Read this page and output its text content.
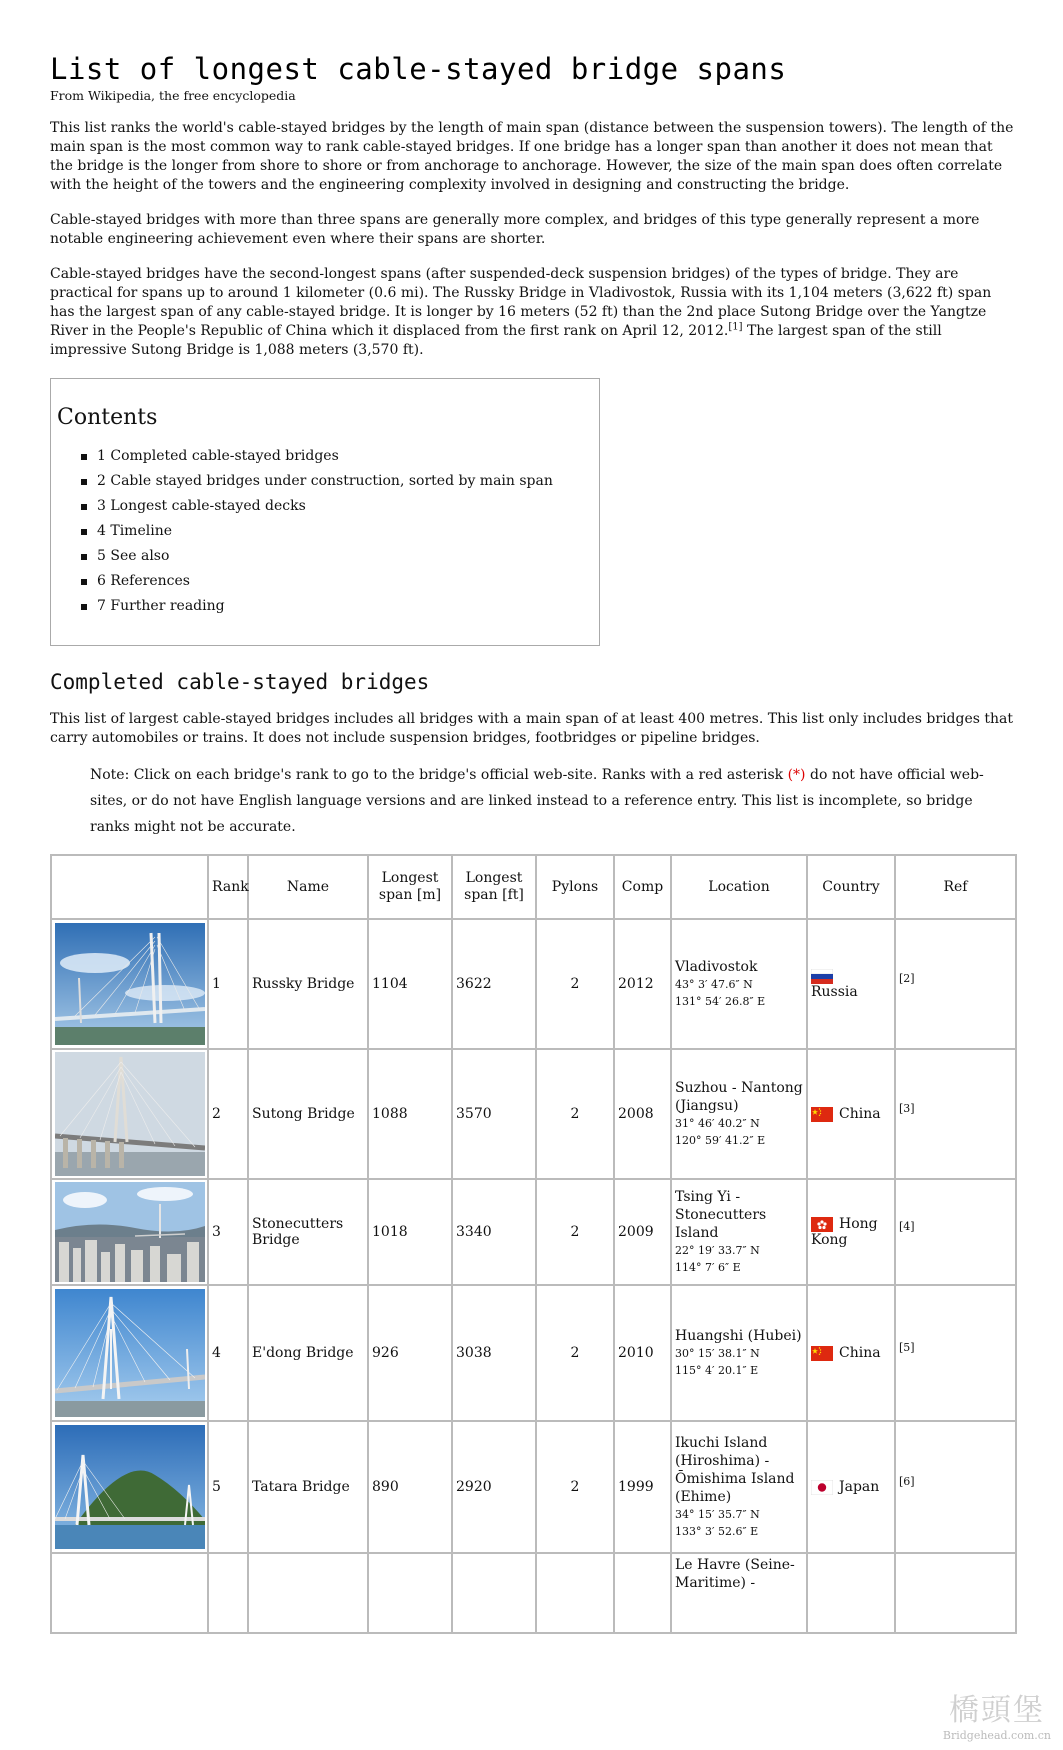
List of longest cable-stayed bridge spans
From Wikipedia, the free encyclopedia

This list ranks the world's cable-stayed bridges by the length of main span (distance between the suspension towers). The length of the main span is the most common way to rank cable-stayed bridges. If one bridge has a longer span than another it does not mean that the bridge is the longer from shore to shore or from anchorage to anchorage. However, the size of the main span does often correlate with the height of the towers and the engineering complexity involved in designing and constructing the bridge.

Cable-stayed bridges with more than three spans are generally more complex, and bridges of this type generally represent a more notable engineering achievement even where their spans are shorter.

Cable-stayed bridges have the second-longest spans (after suspended-deck suspension bridges) of the types of bridge. They are practical for spans up to around 1 kilometer (0.6 mi). The Russky Bridge in Vladivostok, Russia with its 1,104 meters (3,622 ft) span has the largest span of any cable-stayed bridge. It is longer by 16 meters (52 ft) than the 2nd place Sutong Bridge over the Yangtze River in the People's Republic of China which it displaced from the first rank on April 12, 2012.[1] The largest span of the still impressive Sutong Bridge is 1,088 meters (3,570 ft).

Contents
1 Completed cable-stayed bridges
2 Cable stayed bridges under construction, sorted by main span
3 Longest cable-stayed decks
4 Timeline
5 See also
6 References
7 Further reading
Completed cable-stayed bridges

This list of largest cable-stayed bridges includes all bridges with a main span of at least 400 metres. This list only includes bridges that carry automobiles or trains. It does not include suspension bridges, footbridges or pipeline bridges.

Note: Click on each bridge's rank to go to the bridge's official web-site. Ranks with a red asterisk (*) do not have official web-sites, or do not have English language versions and are linked instead to a reference entry. This list is incomplete, so bridge ranks might not be accurate.
	Rank	Name	Longest span [m]	Longest span [ft]	Pylons	Comp	Location	Country	Ref

	1	Russky Bridge	1104	3622	2	2012	Vladivostok
43° 3′ 47.6″ N
131° 54′ 26.8″ E	Russia	[2]

	2	Sutong Bridge	1088	3570	2	2008	Suzhou - Nantong (Jiangsu)
31° 46′ 40.2″ N
120° 59′ 41.2″ E	China	[3]

	3	Stonecutters Bridge	1018	3340	2	2009	Tsing Yi - Stonecutters Island
22° 19′ 33.7″ N
114° 7′ 6″ E	Hong Kong	[4]

	4	E'dong Bridge	926	3038	2	2010	Huangshi (Hubei)
30° 15′ 38.1″ N
115° 4′ 20.1″ E	China	[5]

	5	Tatara Bridge	890	2920	2	1999	Ikuchi Island (Hiroshima) - Ōmishima Island (Ehime)
34° 15′ 35.7″ N
133° 3′ 52.6″ E	Japan	[6]
							Le Havre (Seine-Maritime) -		
橋頭堡
Bridgehead.com.cn
